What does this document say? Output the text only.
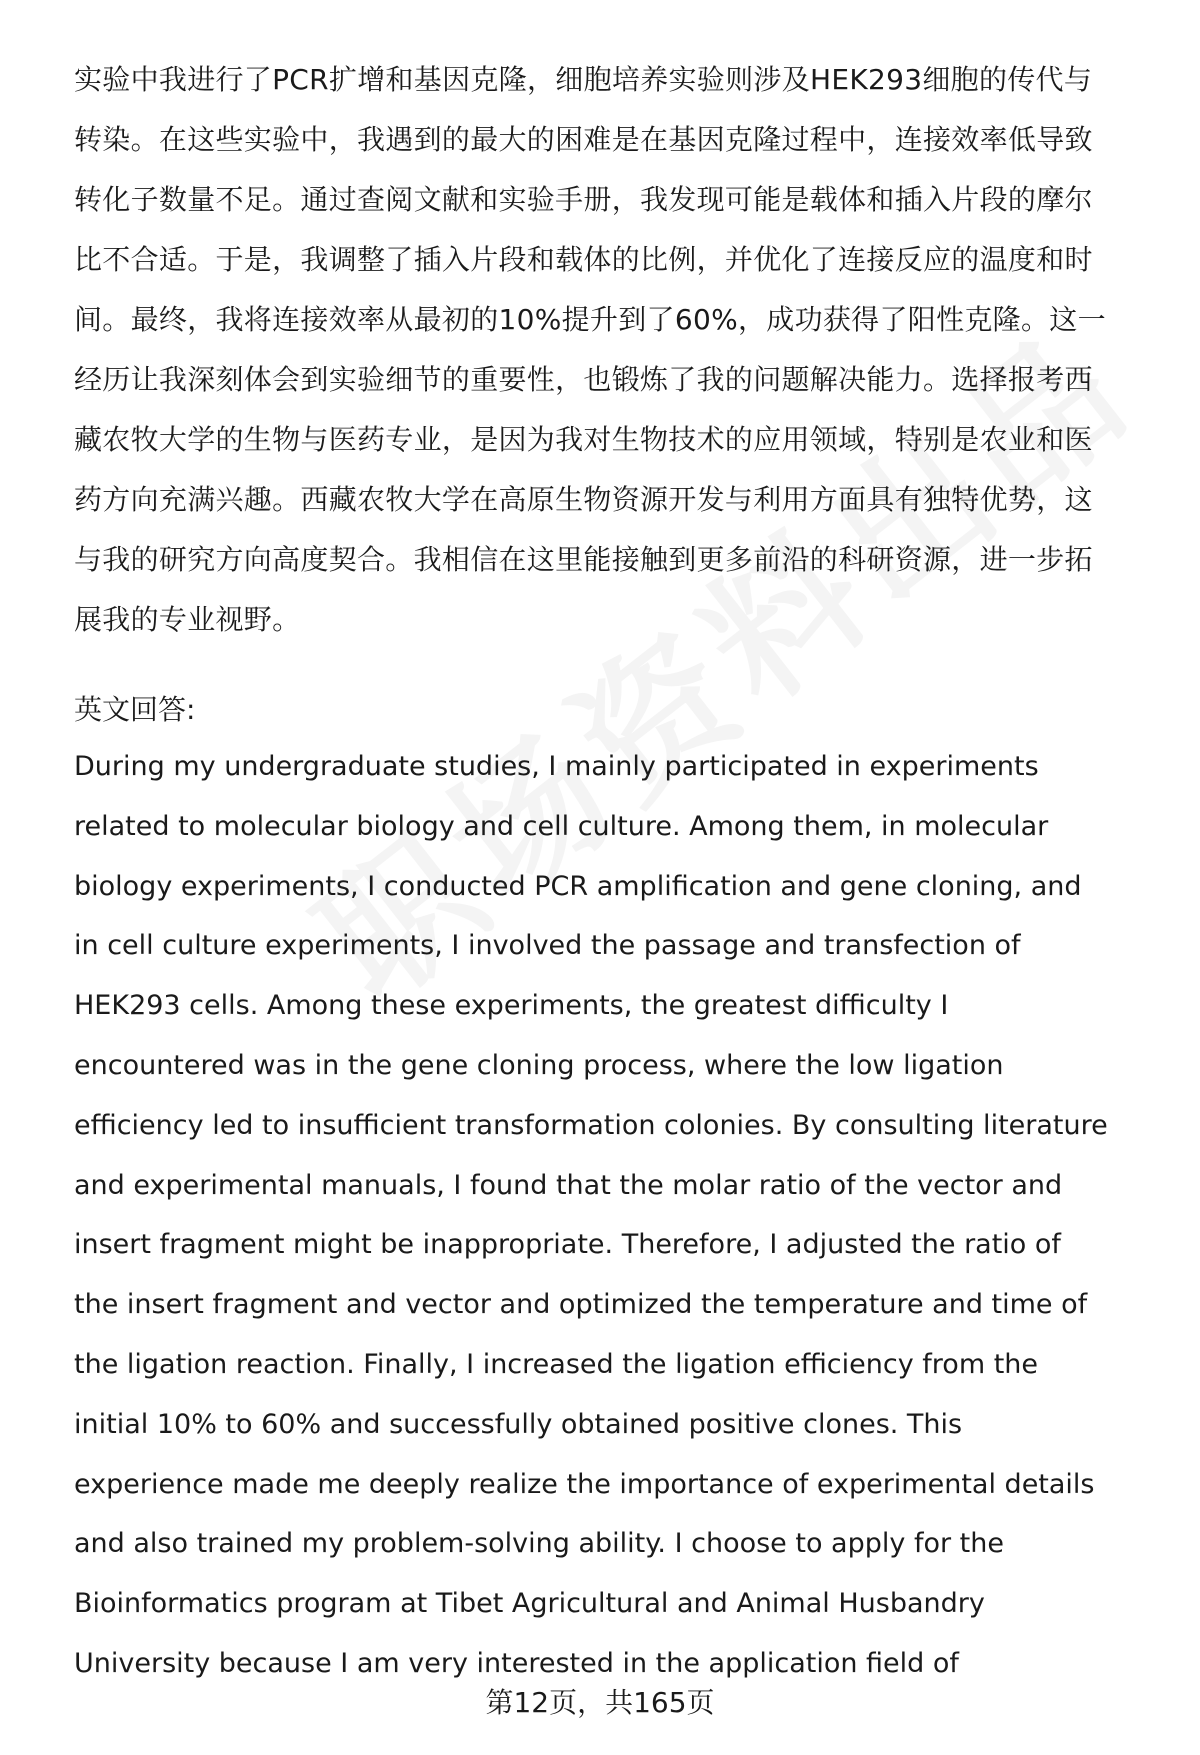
实验中我进行了PCR扩增和基因克隆，细胞培养实验则涉及HEK293细胞的传代与
转染。在这些实验中，我遇到的最大的困难是在基因克隆过程中，连接效率低导致
转化子数量不足。通过查阅文献和实验手册，我发现可能是载体和插入片段的摩尔
比不合适。于是，我调整了插入片段和载体的比例，并优化了连接反应的温度和时
间。最终，我将连接效率从最初的10%提升到了60%，成功获得了阳性克隆。这一
经历让我深刻体会到实验细节的重要性，也锻炼了我的问题解决能力。选择报考西
藏农牧大学的生物与医药专业，是因为我对生物技术的应用领域，特别是农业和医
药方向充满兴趣。西藏农牧大学在高原生物资源开发与利用方面具有独特优势，这
与我的研究方向高度契合。我相信在这里能接触到更多前沿的科研资源，进一步拓
展我的专业视野。
英文回答:
During my undergraduate studies, I mainly participated in experiments
related to molecular biology and cell culture. Among them, in molecular
biology experiments, I conducted PCR amplification and gene cloning, and
in cell culture experiments, I involved the passage and transfection of
HEK293 cells. Among these experiments, the greatest difficulty I
encountered was in the gene cloning process, where the low ligation
efficiency led to insufficient transformation colonies. By consulting literature
and experimental manuals, I found that the molar ratio of the vector and
insert fragment might be inappropriate. Therefore, I adjusted the ratio of
the insert fragment and vector and optimized the temperature and time of
the ligation reaction. Finally, I increased the ligation efficiency from the
initial 10% to 60% and successfully obtained positive clones. This
experience made me deeply realize the importance of experimental details
and also trained my problem-solving ability. I choose to apply for the
Bioinformatics program at Tibet Agricultural and Animal Husbandry
University because I am very interested in the application field of
第12页，共165页
